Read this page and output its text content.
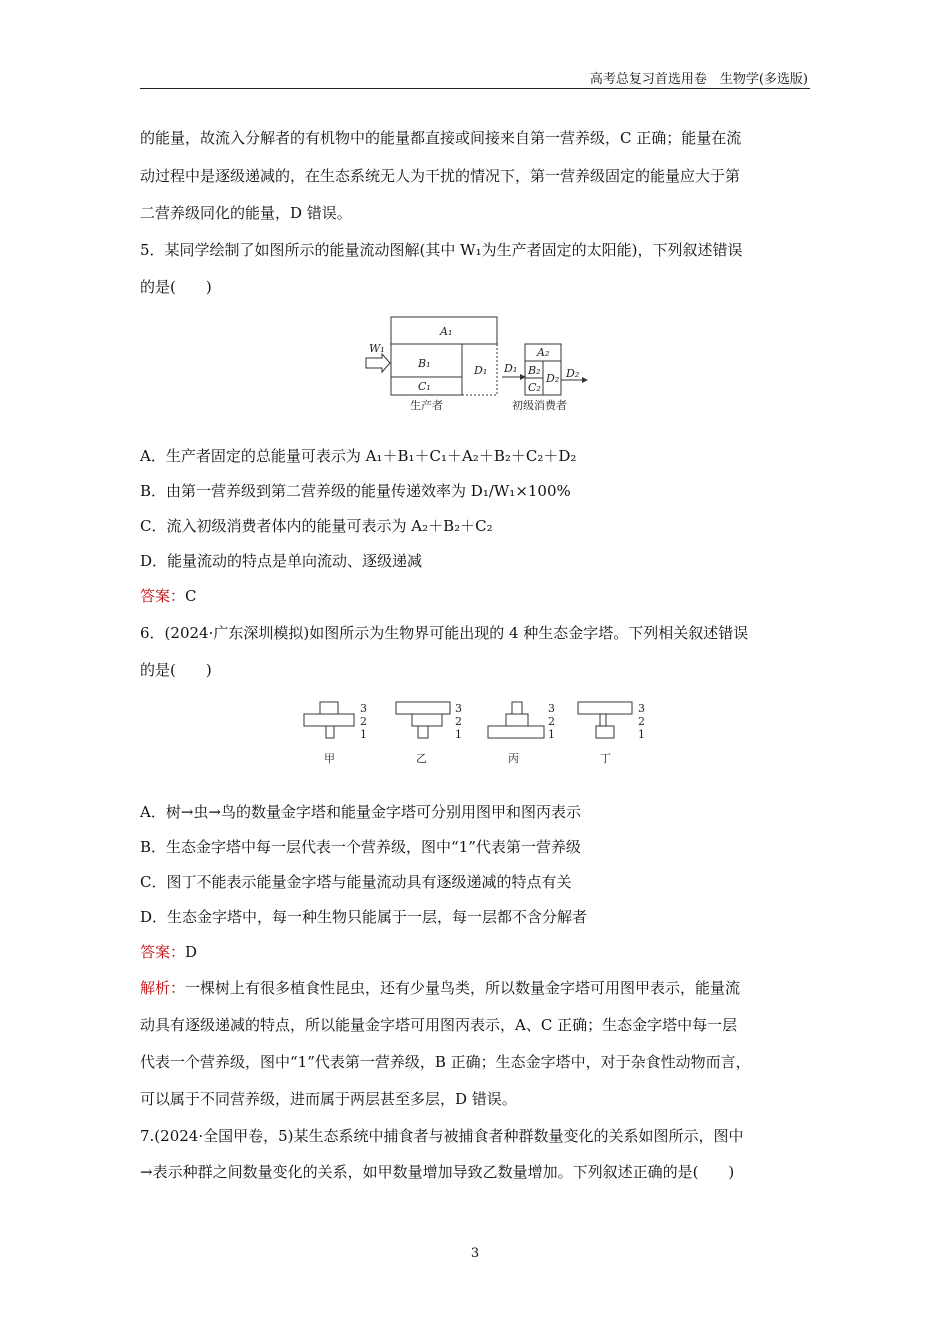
高考总复习首选用卷　生物学(多选版)
的能量，故流入分解者的有机物中的能量都直接或间接来自第一营养级，C 正确；能量在流
动过程中是逐级递减的，在生态系统无人为干扰的情况下，第一营养级固定的能量应大于第
二营养级同化的能量，D 错误。
5．某同学绘制了如图所示的能量流动图解(其中 W₁为生产者固定的太阳能)，下列叙述错误
的是(　　)
W₁
A₁
B₁
C₁
D₁ D₁
A₂
B₂
C₂
D₂ D₂
生产者	初级消费者
A．生产者固定的总能量可表示为 A₁＋B₁＋C₁＋A₂＋B₂＋C₂＋D₂
B．由第一营养级到第二营养级的能量传递效率为 D₁/W₁×100%
C．流入初级消费者体内的能量可表示为 A₂＋B₂＋C₂
D．能量流动的特点是单向流动、逐级递减
答案：C
6．(2024·广东深圳模拟)如图所示为生物界可能出现的 4 种生态金字塔。下列相关叙述错误
的是(　　)
3
2
1
3
2
1
3
2
1
3
2
1
甲	乙	丙	丁
A．树→虫→鸟的数量金字塔和能量金字塔可分别用图甲和图丙表示
B．生态金字塔中每一层代表一个营养级，图中“1”代表第一营养级
C．图丁不能表示能量金字塔与能量流动具有逐级递减的特点有关
D．生态金字塔中，每一种生物只能属于一层，每一层都不含分解者
答案：D
解析：一棵树上有很多植食性昆虫，还有少量鸟类，所以数量金字塔可用图甲表示，能量流
动具有逐级递减的特点，所以能量金字塔可用图丙表示，A、C 正确；生态金字塔中每一层
代表一个营养级，图中“1”代表第一营养级，B 正确；生态金字塔中，对于杂食性动物而言，
可以属于不同营养级，进而属于两层甚至多层，D 错误。
7.(2024·全国甲卷，5)某生态系统中捕食者与被捕食者种群数量变化的关系如图所示，图中
→表示种群之间数量变化的关系，如甲数量增加导致乙数量增加。下列叙述正确的是(　　)
3
